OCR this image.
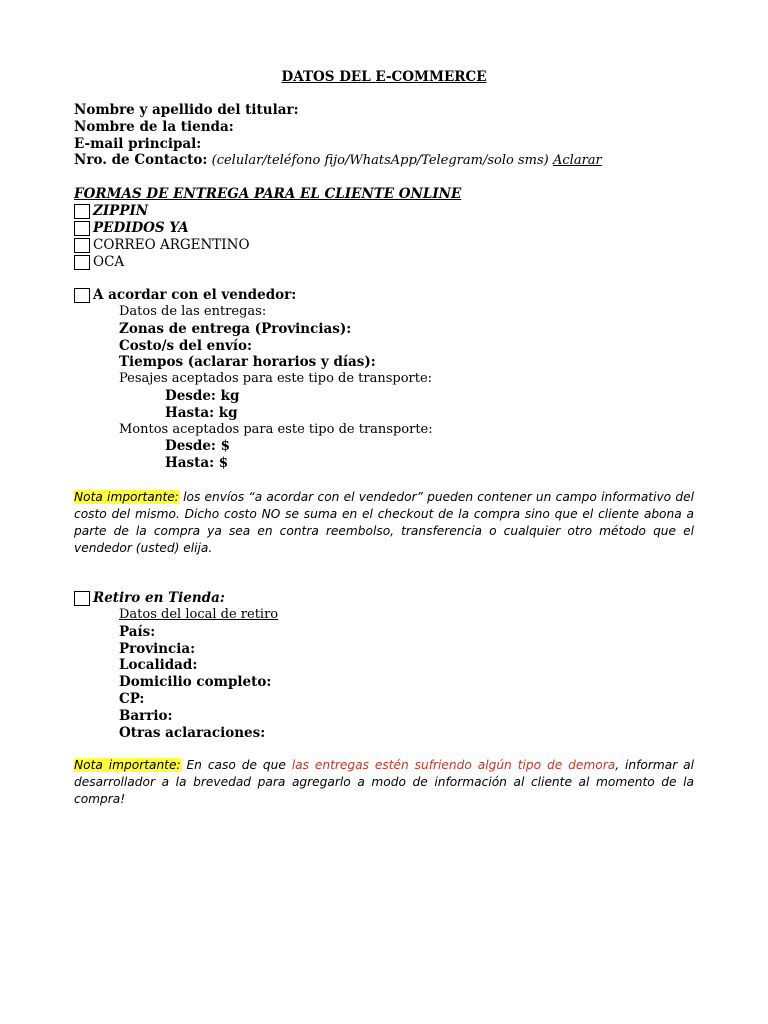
DATOS DEL E-COMMERCE
Nombre y apellido del titular:
Nombre de la tienda:
E-mail principal:
Nro. de Contacto: (celular/teléfono fijo/WhatsApp/Telegram/solo sms) Aclarar
FORMAS DE ENTREGA PARA EL CLIENTE ONLINE
ZIPPIN
PEDIDOS YA
CORREO ARGENTINO
OCA
A acordar con el vendedor:
Datos de las entregas:
Zonas de entrega (Provincias):
Costo/s del envío:
Tiempos (aclarar horarios y días):
Pesajes aceptados para este tipo de transporte:
Desde: kg
Hasta: kg
Montos aceptados para este tipo de transporte:
Desde: $
Hasta: $
Nota importante: los envíos “a acordar con el vendedor” pueden contener un campo informativo del costo del mismo. Dicho costo NO se suma en el checkout de la compra sino que el cliente abona a parte de la compra ya sea en contra reembolso, transferencia o cualquier otro método que el vendedor (usted) elija.
Retiro en Tienda:
Datos del local de retiro
País:
Provincia:
Localidad:
Domicilio completo:
CP:
Barrio:
Otras aclaraciones:
Nota importante: En caso de que las entregas estén sufriendo algún tipo de demora, informar al desarrollador a la brevedad para agregarlo a modo de información al cliente al momento de la compra!
